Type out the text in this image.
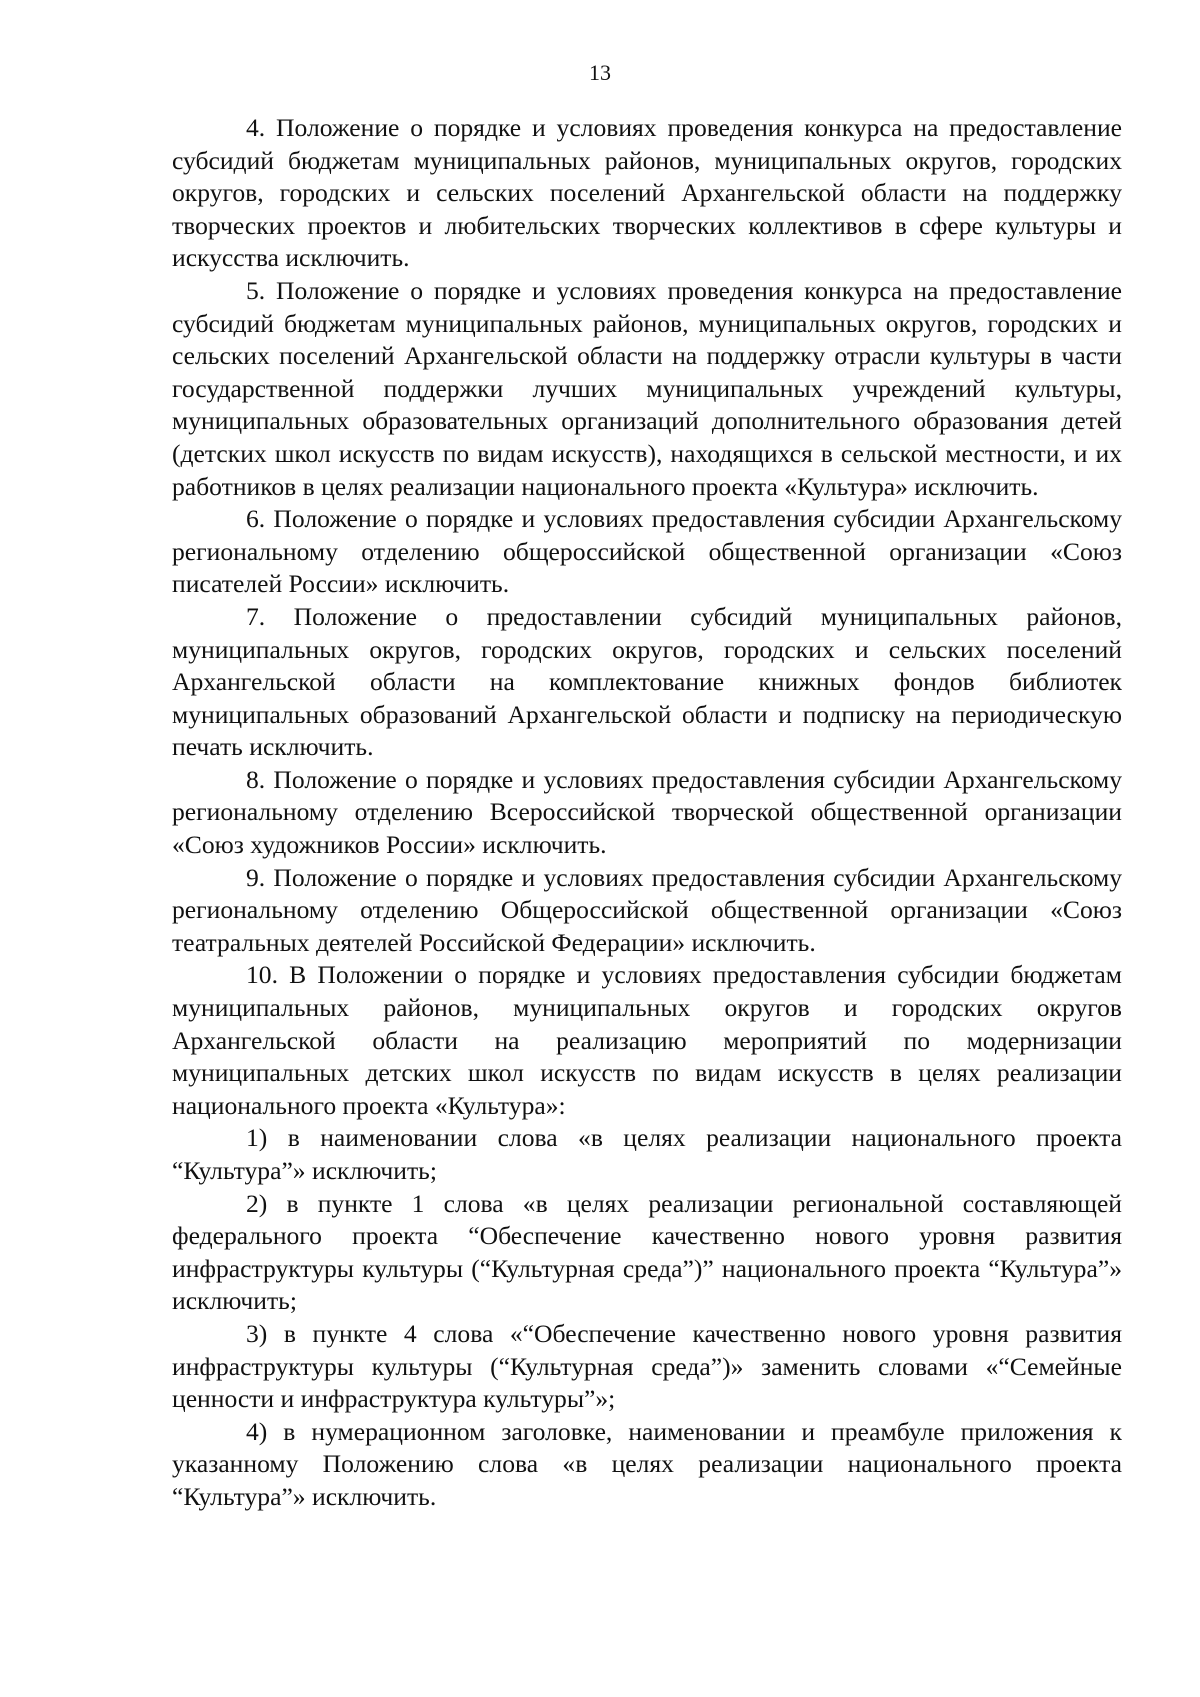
13

4. Положение о порядке и условиях проведения конкурса на предоставление субсидий бюджетам муниципальных районов, муниципальных округов, городских округов, городских и сельских поселений Архангельской области на поддержку творческих проектов и любительских творческих коллективов в сфере культуры и искусства исключить.

5. Положение о порядке и условиях проведения конкурса на предоставление субсидий бюджетам муниципальных районов, муниципальных округов, городских и сельских поселений Архангельской области на поддержку отрасли культуры в части государственной поддержки лучших муниципальных учреждений культуры, муниципальных образовательных организаций дополнительного образования детей (детских школ искусств по видам искусств), находящихся в сельской местности, и их работников в целях реализации национального проекта «Культура» исключить.

6. Положение о порядке и условиях предоставления субсидии Архангельскому региональному отделению общероссийской общественной организации «Союз писателей России» исключить.

7. Положение о предоставлении субсидий муниципальных районов, муниципальных округов, городских округов, городских и сельских поселений Архангельской области на комплектование книжных фондов библиотек муниципальных образований Архангельской области и подписку на периодическую печать исключить.

8. Положение о порядке и условиях предоставления субсидии Архангельскому региональному отделению Всероссийской творческой общественной организации «Союз художников России» исключить.

9. Положение о порядке и условиях предоставления субсидии Архангельскому региональному отделению Общероссийской общественной организации «Союз театральных деятелей Российской Федерации» исключить.

10. В Положении о порядке и условиях предоставления субсидии бюджетам муниципальных районов, муниципальных округов и городских округов Архангельской области на реализацию мероприятий по модернизации муниципальных детских школ искусств по видам искусств в целях реализации национального проекта «Культура»:

1) в наименовании слова «в целях реализации национального проекта “Культура”» исключить;

2) в пункте 1 слова «в целях реализации региональной составляющей федерального проекта “Обеспечение качественно нового уровня развития инфраструктуры культуры (“Культурная среда”)” национального проекта “Культура”» исключить;

3) в пункте 4 слова «“Обеспечение качественно нового уровня развития инфраструктуры культуры (“Культурная среда”)» заменить словами «“Семейные ценности и инфраструктура культуры”»;

4) в нумерационном заголовке, наименовании и преамбуле приложения к указанному Положению слова «в целях реализации национального проекта “Культура”» исключить.
